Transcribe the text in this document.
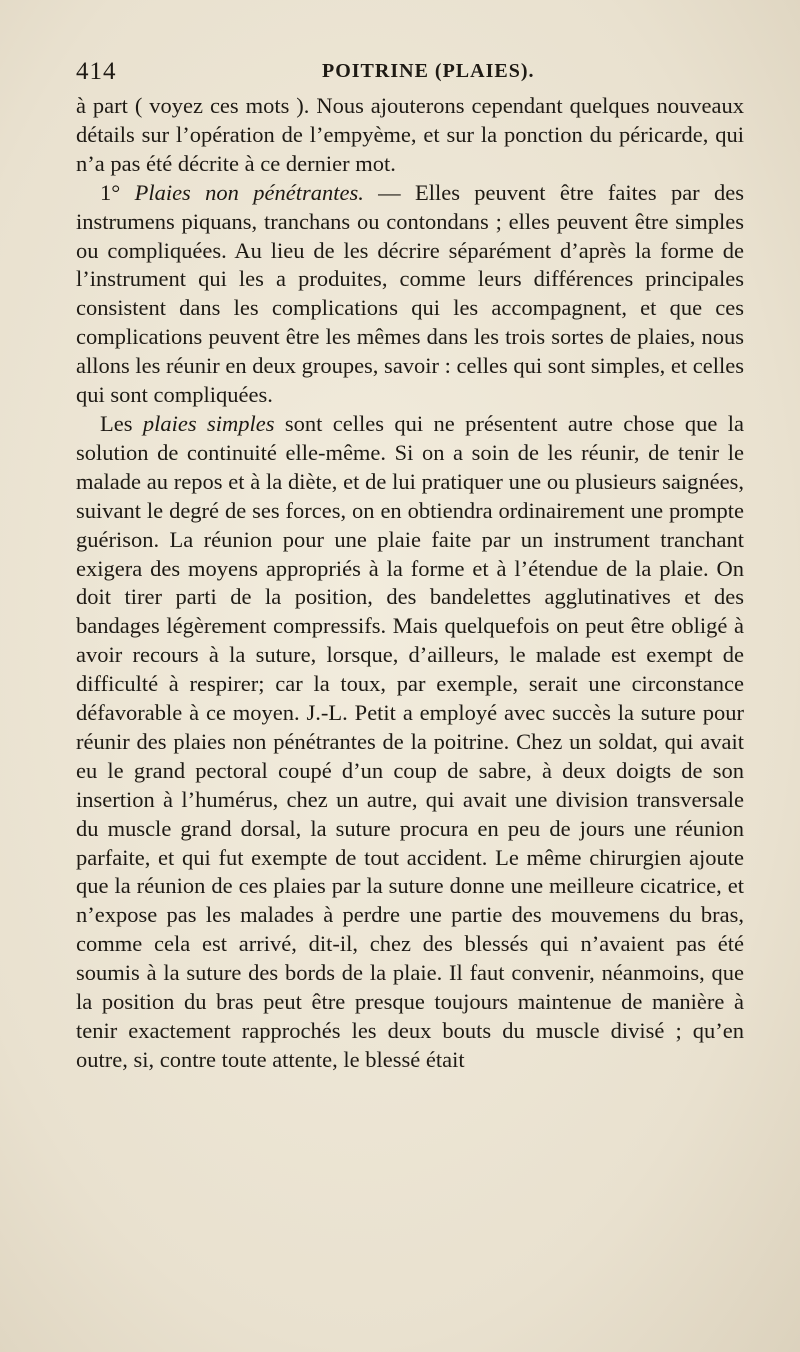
414	POITRINE (PLAIES).

à part ( voyez ces mots ). Nous ajouterons cependant quelques nouveaux détails sur l’opération de l’empyème, et sur la ponction du péricarde, qui n’a pas été décrite à ce dernier mot.

1° Plaies non pénétrantes. — Elles peuvent être faites par des instrumens piquans, tranchans ou contondans ; elles peuvent être simples ou compliquées. Au lieu de les décrire séparément d’après la forme de l’instrument qui les a produites, comme leurs différences principales consistent dans les complications qui les accompagnent, et que ces complications peuvent être les mêmes dans les trois sortes de plaies, nous allons les réunir en deux groupes, savoir : celles qui sont simples, et celles qui sont compliquées.

Les plaies simples sont celles qui ne présentent autre chose que la solution de continuité elle-même. Si on a soin de les réunir, de tenir le malade au repos et à la diète, et de lui pratiquer une ou plusieurs saignées, suivant le degré de ses forces, on en obtiendra ordinairement une prompte guérison. La réunion pour une plaie faite par un instrument tranchant exigera des moyens appropriés à la forme et à l’étendue de la plaie. On doit tirer parti de la position, des bandelettes agglutinatives et des bandages légèrement compressifs. Mais quelquefois on peut être obligé à avoir recours à la suture, lorsque, d’ailleurs, le malade est exempt de difficulté à respirer; car la toux, par exemple, serait une circonstance défavorable à ce moyen. J.-L. Petit a employé avec succès la suture pour réunir des plaies non pénétrantes de la poitrine. Chez un soldat, qui avait eu le grand pectoral coupé d’un coup de sabre, à deux doigts de son insertion à l’humérus, chez un autre, qui avait une division transversale du muscle grand dorsal, la suture procura en peu de jours une réunion parfaite, et qui fut exempte de tout accident. Le même chirurgien ajoute que la réunion de ces plaies par la suture donne une meilleure cicatrice, et n’expose pas les malades à perdre une partie des mouvemens du bras, comme cela est arrivé, dit-il, chez des blessés qui n’avaient pas été soumis à la suture des bords de la plaie. Il faut convenir, néanmoins, que la position du bras peut être presque toujours maintenue de manière à tenir exactement rapprochés les deux bouts du muscle divisé ; qu’en outre, si, contre toute attente, le blessé était
